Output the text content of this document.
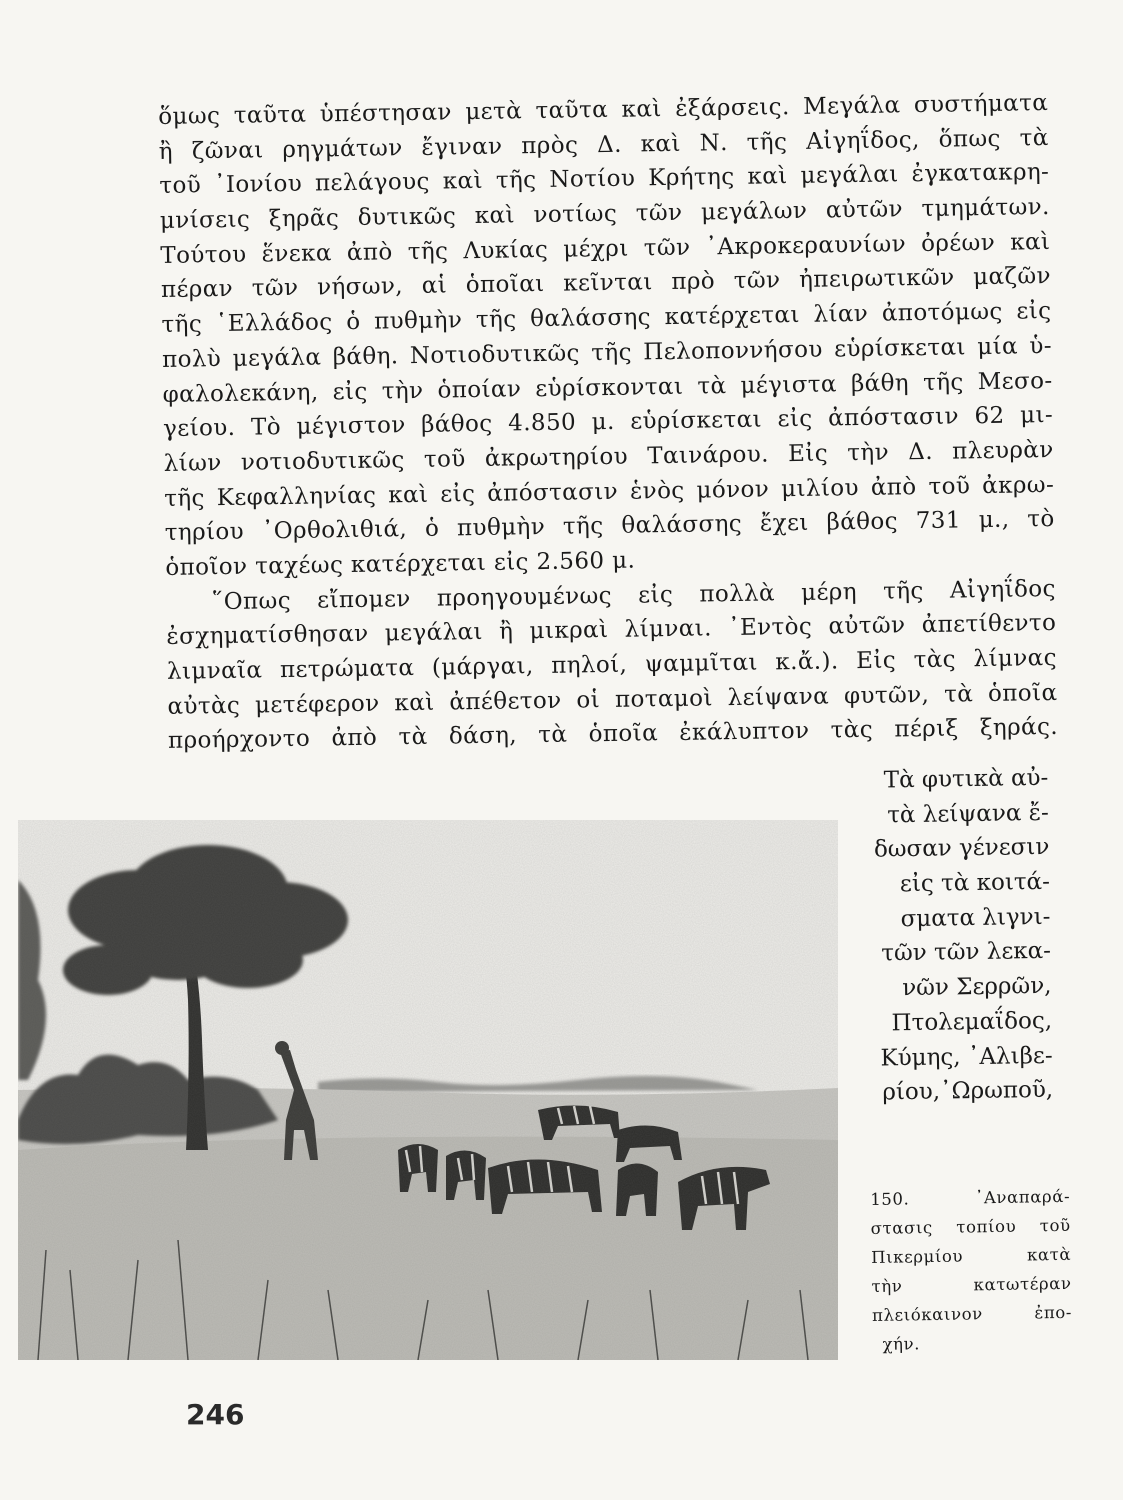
ὅμως ταῦτα ὑπέστησαν μετὰ ταῦτα καὶ ἐξάρσεις. Μεγάλα συστήματα
ἢ ζῶναι ρηγμάτων ἔγιναν πρὸς Δ. καὶ Ν. τῆς Αἰγηΐδος, ὅπως τὰ
τοῦ ᾿Ιονίου πελάγους καὶ τῆς Νοτίου Κρήτης καὶ μεγάλαι ἐγκατακρη-
μνίσεις ξηρᾶς δυτικῶς καὶ νοτίως τῶν μεγάλων αὐτῶν τμημάτων.
Τούτου ἕνεκα ἀπὸ τῆς Λυκίας μέχρι τῶν ᾿Ακροκεραυνίων ὀρέων καὶ
πέραν τῶν νήσων, αἱ ὁποῖαι κεῖνται πρὸ τῶν ἠπειρωτικῶν μαζῶν
τῆς ῾Ελλάδος ὁ πυθμὴν τῆς θαλάσσης κατέρχεται λίαν ἀποτόμως εἰς
πολὺ μεγάλα βάθη. Νοτιοδυτικῶς τῆς Πελοποννήσου εὑρίσκεται μία ὑ-
φαλολεκάνη, εἰς τὴν ὁποίαν εὑρίσκονται τὰ μέγιστα βάθη τῆς Μεσο-
γείου. Τὸ μέγιστον βάθος 4.850 μ. εὑρίσκεται εἰς ἀπόστασιν 62 μι-
λίων νοτιοδυτικῶς τοῦ ἀκρωτηρίου Ταινάρου. Εἰς τὴν Δ. πλευρὰν
τῆς Κεφαλληνίας καὶ εἰς ἀπόστασιν ἑνὸς μόνον μιλίου ἀπὸ τοῦ ἀκρω-
τηρίου ᾿Ορθολιθιά, ὁ πυθμὴν τῆς θαλάσσης ἔχει βάθος 731 μ., τὸ
ὁποῖον ταχέως κατέρχεται εἰς 2.560 μ.
῞Οπως εἴπομεν προηγουμένως εἰς πολλὰ μέρη τῆς Αἰγηΐδος
ἐσχηματίσθησαν μεγάλαι ἢ μικραὶ λίμναι. ᾿Εντὸς αὐτῶν ἀπετίθεντο
λιμναῖα πετρώματα (μάργαι, πηλοί, ψαμμῖται κ.ἄ.). Εἰς τὰς λίμνας
αὐτὰς μετέφερον καὶ ἀπέθετον οἱ ποταμοὶ λείψανα φυτῶν, τὰ ὁποῖα
προήρχοντο ἀπὸ τὰ δάση, τὰ ὁποῖα ἐκάλυπτον τὰς πέριξ ξηράς.
Τὰ φυτικὰ αὐ-
τὰ λείψανα ἔ-
δωσαν γένεσιν
εἰς τὰ κοιτά-
σματα λιγνι-
τῶν τῶν λεκα-
νῶν Σερρῶν,
Πτολεμαΐδος,
Κύμης, ᾿Αλιβε-
ρίου,᾿Ωρωποῦ,
150. ᾿Αναπαρά-
στασις τοπίου τοῦ
Πικερμίου κατὰ
τὴν κατωτέραν
πλειόκαινον ἐπο-
χήν.
246
